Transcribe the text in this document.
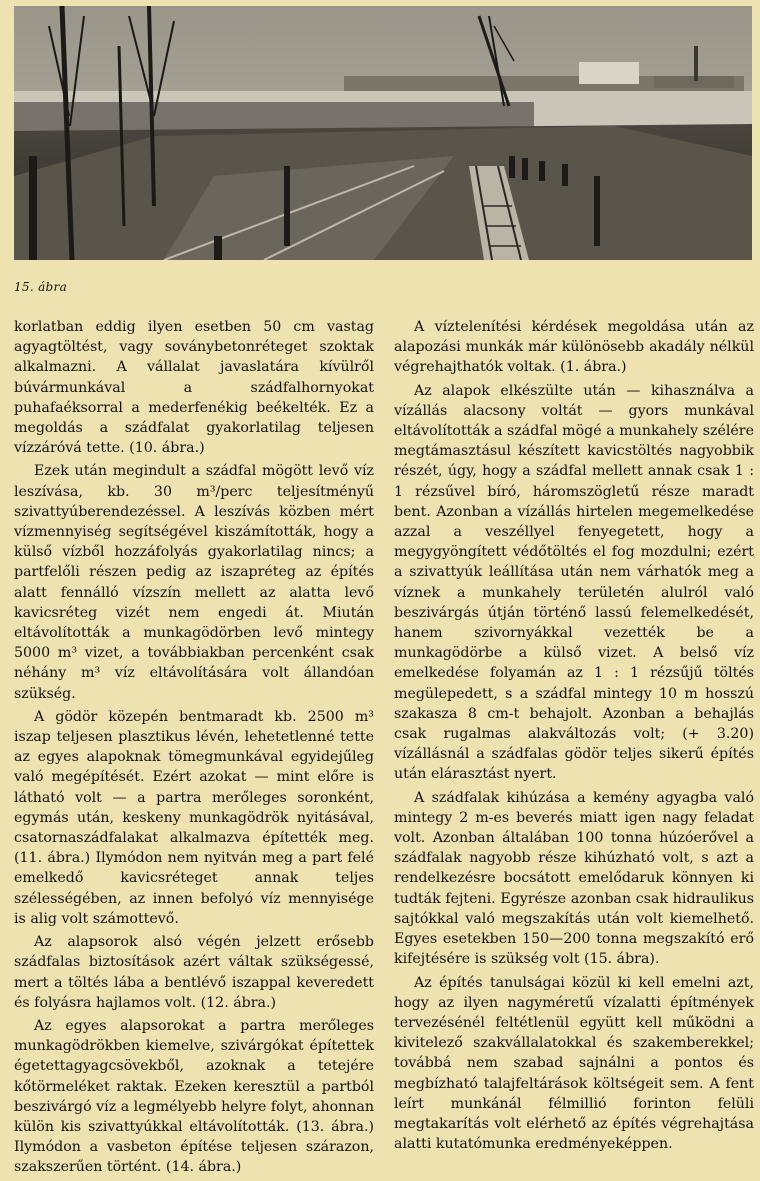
15. ábra

korlatban eddig ilyen esetben 50 cm vastag agyagtöltést, vagy soványbetonréteget szoktak alkalmazni. A vállalat javaslatára kívülről búvármunkával a szádfalhornyokat puhafaéksorral a mederfenékig beékelték. Ez a megoldás a szádfalat gyakorlatilag teljesen vízzáróvá tette. (10. ábra.)

Ezek után megindult a szádfal mögött levő víz leszívása, kb. 30 m³/perc teljesítményű szivattyúberendezéssel. A leszívás közben mért vízmennyiség segítségével kiszámították, hogy a külső vízből hozzáfolyás gyakorlatilag nincs; a partfelőli részen pedig az iszapréteg az építés alatt fennálló vízszín mellett az alatta levő kavicsréteg vizét nem engedi át. Miután eltávolították a munkagödörben levő mintegy 5000 m³ vizet, a továbbiakban percenként csak néhány m³ víz eltávolítására volt állandóan szükség.

A gödör közepén bentmaradt kb. 2500 m³ iszap teljesen plasztikus lévén, lehetetlenné tette az egyes alapoknak tömegmunkával egyidejűleg való megépítését. Ezért azokat — mint előre is látható volt — a partra merőleges soronként, egymás után, keskeny munkagödrök nyitásával, csatornaszádfalakat alkalmazva építették meg. (11. ábra.) Ilymódon nem nyitván meg a part felé emelkedő kavicsréteget annak teljes szélességében, az innen befolyó víz mennyisége is alig volt számottevő.

Az alapsorok alsó végén jelzett erősebb szádfalas biztosítások azért váltak szükségessé, mert a töltés lába a bentlévő iszappal keveredett és folyásra hajlamos volt. (12. ábra.)

Az egyes alapsorokat a partra merőleges munkagödrökben kiemelve, szivárgókat építettek égetettagyagcsövekből, azoknak a tetejére kőtörmeléket raktak. Ezeken keresztül a partból beszivárgó víz a legmélyebb helyre folyt, ahonnan külön kis szivattyúkkal eltávolították. (13. ábra.) Ilymódon a vasbeton építése teljesen szárazon, szakszerűen történt. (14. ábra.)

A víztelenítési kérdések megoldása után az alapozási munkák már különösebb akadály nélkül végrehajthatók voltak. (1. ábra.)

Az alapok elkészülte után — kihasználva a vízállás alacsony voltát — gyors munkával eltávolították a szádfal mögé a munkahely szélére megtámasztásul készített kavicstöltés nagyobbik részét, úgy, hogy a szádfal mellett annak csak 1 : 1 rézsűvel bíró, háromszögletű része maradt bent. Azonban a vízállás hirtelen megemelkedése azzal a veszéllyel fenyegetett, hogy a megygyöngített védőtöltés el fog mozdulni; ezért a szivattyúk leállítása után nem várhatók meg a víznek a munkahely területén alulról való beszivárgás útján történő lassú felemelkedését, hanem szivornyákkal vezették be a munkagödörbe a külső vizet. A belső víz emelkedése folyamán az 1 : 1 rézsűjű töltés megülepedett, s a szádfal mintegy 10 m hosszú szakasza 8 cm-t behajolt. Azonban a behajlás csak rugalmas alakváltozás volt; (+ 3.20) vízállásnál a szádfalas gödör teljes sikerű építés után elárasztást nyert.

A szádfalak kihúzása a kemény agyagba való mintegy 2 m-es beverés miatt igen nagy feladat volt. Azonban általában 100 tonna húzóerővel a szádfalak nagyobb része kihúzható volt, s azt a rendelkezésre bocsátott emelődaruk könnyen ki tudták fejteni. Egyrésze azonban csak hidraulikus sajtókkal való megszakítás után volt kiemelhető. Egyes esetekben 150—200 tonna megszakító erő kifejtésére is szükség volt (15. ábra).

Az építés tanulságai közül ki kell emelni azt, hogy az ilyen nagyméretű vízalatti építmények tervezésénél feltétlenül együtt kell működni a kivitelező szakvállalatokkal és szakemberekkel; továbbá nem szabad sajnálni a pontos és megbízható talajfeltárások költségeit sem. A fent leírt munkánál félmillió forinton felüli megtakarítás volt elérhető az építés végrehajtása alatti kutatómunka eredményeképpen.
